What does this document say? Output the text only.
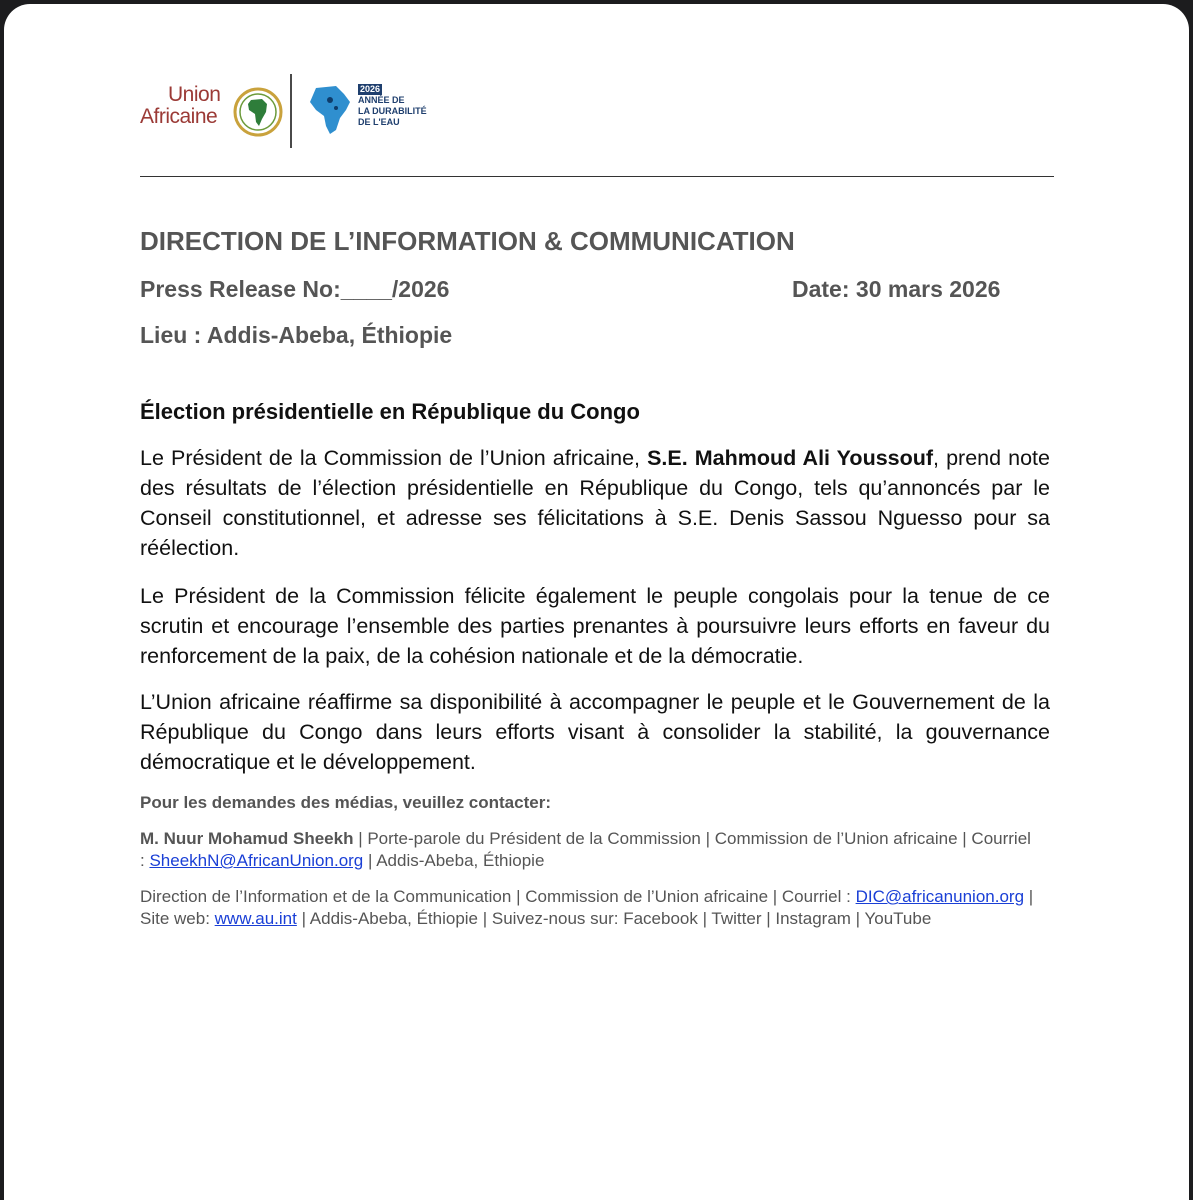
Union
Africaine
2026
ANNÉE DE
LA DURABILITÉ
DE L'EAU
DIRECTION DE L’INFORMATION & COMMUNICATION
Press Release No:____/2026	Date: 30 mars 2026
Lieu : Addis-Abeba, Éthiopie
Élection présidentielle en République du Congo
Le Président de la Commission de l’Union africaine, S.E. Mahmoud Ali Youssouf, prend note des résultats de l’élection présidentielle en République du Congo, tels qu’annoncés par le Conseil constitutionnel, et adresse ses félicitations à S.E. Denis Sassou Nguesso pour sa réélection.
Le Président de la Commission félicite également le peuple congolais pour la tenue de ce scrutin et encourage l’ensemble des parties prenantes à poursuivre leurs efforts en faveur du renforcement de la paix, de la cohésion nationale et de la démocratie.
L’Union africaine réaffirme sa disponibilité à accompagner le peuple et le Gouvernement de la République du Congo dans leurs efforts visant à consolider la stabilité, la gouvernance démocratique et le développement.
Pour les demandes des médias, veuillez contacter:
M. Nuur Mohamud Sheekh | Porte-parole du Président de la Commission | Commission de l’Union africaine | Courriel : SheekhN@AfricanUnion.org | Addis-Abeba, Éthiopie
Direction de l’Information et de la Communication | Commission de l’Union africaine | Courriel : DIC@africanunion.org | Site web: www.au.int | Addis-Abeba, Éthiopie | Suivez-nous sur: Facebook | Twitter | Instagram | YouTube
